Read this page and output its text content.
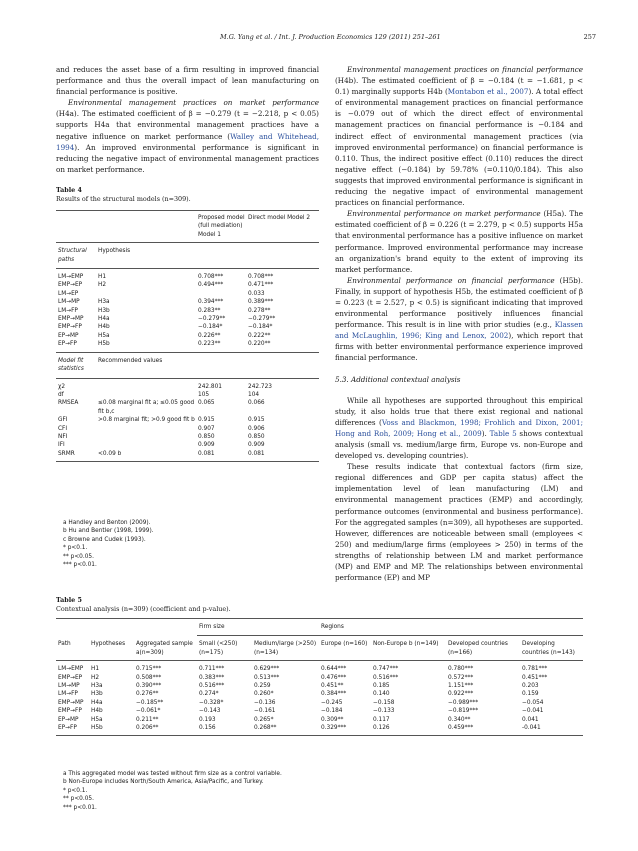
M.G. Yang et al. / Int. J. Production Economics 129 (2011) 251–261	257

and reduces the asset base of a firm resulting in improved financial performance and thus the overall impact of lean manufacturing on financial performance is positive.

Environmental management practices on market performance (H4a). The estimated coefficient of β = −0.279 (t = −2.218, p < 0.05) supports H4a that environmental management practices have a negative influence on market performance (Walley and Whitehead, 1994). An improved environmental performance is significant in reducing the negative impact of environmental management practices on market performance.

Table 4
Results of the structural models (n=309).

		Proposed model (full mediation) Model 1	Direct model Model 2

Structural paths	Hypothesis		

LM→EMP	H1	0.708***	0.708***
EMP→EP	H2	0.494***	0.471***
LM→EP			0.033
LM→MP	H3a	0.394***	0.389***
LM→FP	H3b	0.283**	0.278**
EMP→MP	H4a	−0.279**	−0.279**
EMP→FP	H4b	−0.184*	−0.184*
EP→MP	H5a	0.226**	0.222**
EP→FP	H5b	0.223**	0.220**

Model fit statistics	Recommended values		

χ2		242.801	242.723
df		105	104
RMSEA	≤0.08 marginal fit a; ≤0.05 good fit b,c	0.065	0.066
GFI	>0.8 marginal fit; >0.9 good fit b	0.915	0.915
CFI		0.907	0.906
NFI		0.850	0.850
IFI		0.909	0.909
SRMR	<0.09 b	0.081	0.081

a Handley and Benton (2009).
b Hu and Bentler (1998, 1999).
c Browne and Cudek (1993).
* p<0.1.
** p<0.05.
*** p<0.01.

Environmental management practices on financial performance (H4b). The estimated coefficient of β = −0.184 (t = −1.681, p < 0.1) marginally supports H4b (Montabon et al., 2007). A total effect of environmental management practices on financial performance is −0.079 out of which the direct effect of environmental management practices on financial performance is −0.184 and indirect effect of environmental management practices (via improved environmental performance) on financial performance is 0.110. Thus, the indirect positive effect (0.110) reduces the direct negative effect (−0.184) by 59.78% (=0.110/0.184). This also suggests that improved environmental performance is significant in reducing the negative impact of environmental management practices on financial performance.

Environmental performance on market performance (H5a). The estimated coefficient of β = 0.226 (t = 2.279, p < 0.5) supports H5a that environmental performance has a positive influence on market performance. Improved environmental performance may increase an organization's brand equity to the extent of improving its market performance.

Environmental performance on financial performance (H5b). Finally, in support of hypothesis H5b, the estimated coefficient of β = 0.223 (t = 2.527, p < 0.5) is significant indicating that improved environmental performance positively influences financial performance. This result is in line with prior studies (e.g., Klassen and McLaughlin, 1996; King and Lenox, 2002), which report that firms with better environmental performance experience improved financial performance.

5.3. Additional contextual analysis

While all hypotheses are supported throughout this empirical study, it also holds true that there exist regional and national differences (Voss and Blackmon, 1998; Frohlich and Dixon, 2001; Hong and Roh, 2009; Hong et al., 2009). Table 5 shows contextual analysis (small vs. medium/large firm, Europe vs. non-Europe and developed vs. developing countries).

These results indicate that contextual factors (firm size, regional differences and GDP per capita status) affect the implementation level of lean manufacturing (LM) and environmental management practices (EMP) and accordingly, performance outcomes (environmental and business performance). For the aggregated samples (n=309), all hypotheses are supported. However, differences are noticeable between small (employees < 250) and medium/large firms (employees > 250) in terms of the strengths of relationship between LM and market performance (MP) and EMP and MP. The relationships between environmental performance (EP) and MP

Table 5
Contextual analysis (n=309) (coefficient and p-value).

			Firm size		Regions			

Path	Hypotheses	Aggregated sample a(n=309)	Small (<250) (n=175)	Medium/large (>250)(n=134)	Europe (n=160)	Non-Europe b (n=149)	Developed countries (n=166)	Developing countries (n=143)

LM→EMP	H1	0.715***	0.711***	0.629***	0.644***	0.747***	0.780***	0.781***
EMP→EP	H2	0.508***	0.383***	0.513***	0.476***	0.516***	0.572***	0.451***
LM→MP	H3a	0.390***	0.516***	0.259	0.451**	0.185	1.151***	0.203
LM→FP	H3b	0.276**	0.274*	0.260*	0.384***	0.140	0.922***	0.159
EMP→MP	H4a	−0.185**	−0.328*	−0.136	−0.245	−0.158	−0.989***	−0.054
EMP→FP	H4b	−0.061*	−0.143	−0.161	−0.184	−0.133	−0.819***	−0.041
EP→MP	H5a	0.211**	0.193	0.265*	0.309**	0.117	0.340**	0.041
EP→FP	H5b	0.206**	0.156	0.268**	0.329***	0.126	0.459***	-0.041

a This aggregated model was tested without firm size as a control variable.
b Non-Europe includes North/South America, Asia/Pacific, and Turkey.
* p<0.1.
** p<0.05.
*** p<0.01.
